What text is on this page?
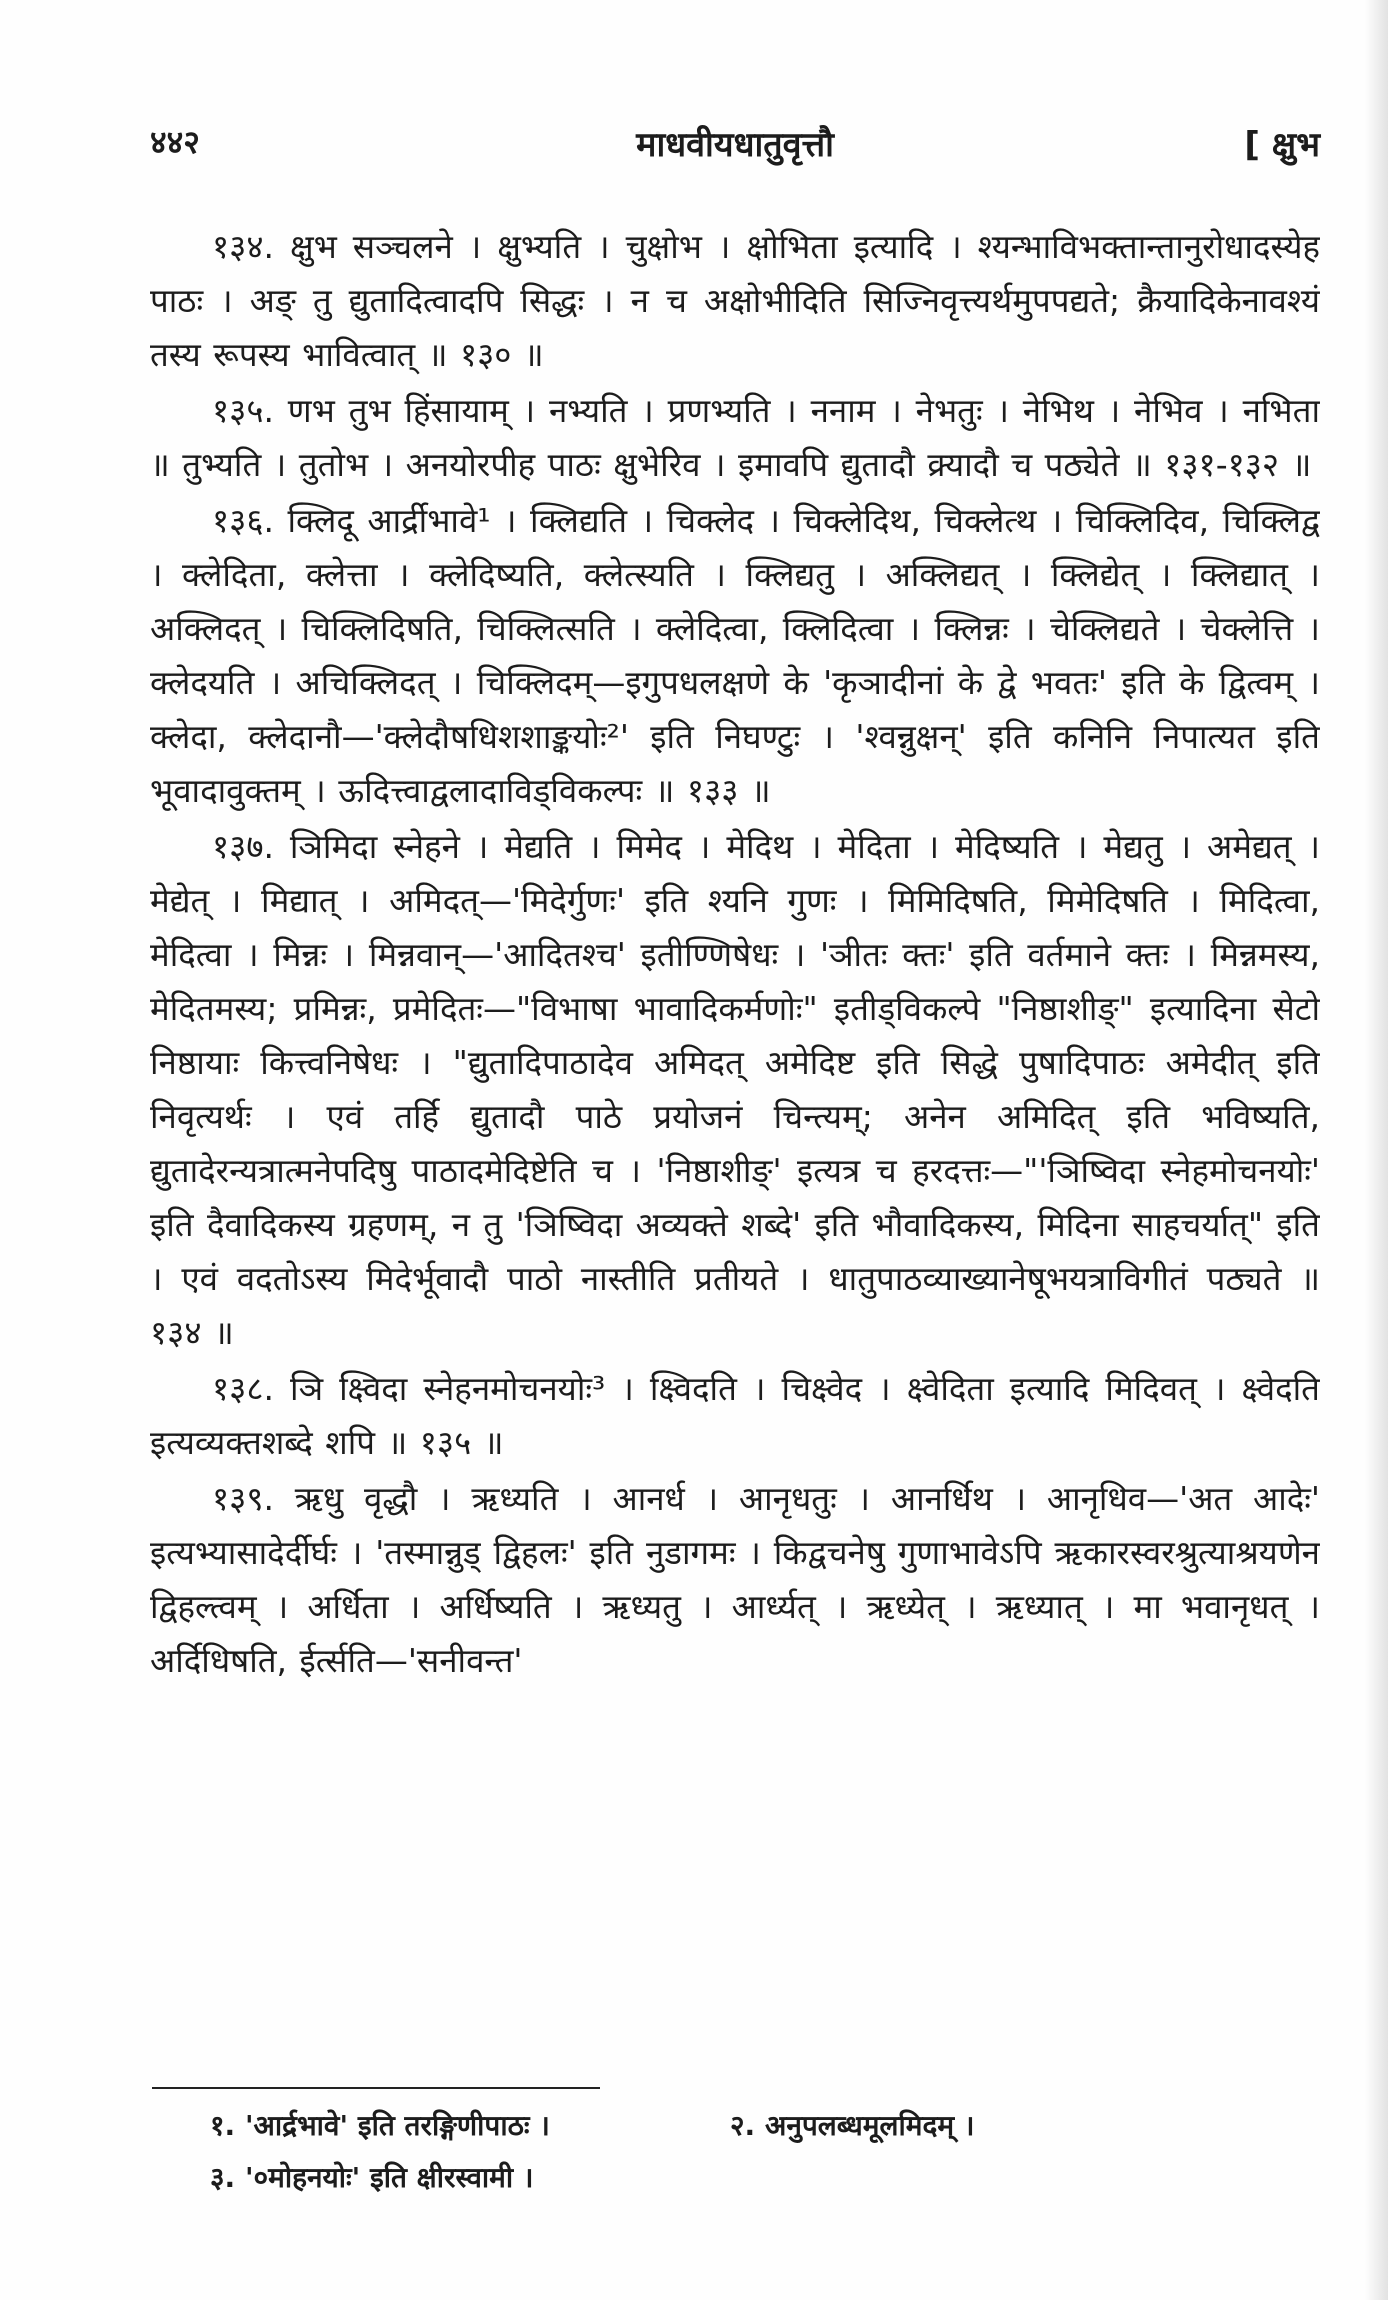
४४२	माधवीयधातुवृत्तौ	[ क्षुभ

१३४. क्षुभ सञ्चलने । क्षुभ्यति । चुक्षोभ । क्षोभिता इत्यादि । श्यन्भाविभक्तान्तानुरोधादस्येह पाठः । अङ् तु द्युतादित्वादपि सिद्धः । न च अक्षोभीदिति सिज्निवृत्त्यर्थमुपपद्यते; क्रैयादिकेनावश्यं तस्य रूपस्य भावित्वात् ॥ १३० ॥

१३५. णभ तुभ हिंसायाम् । नभ्यति । प्रणभ्यति । ननाम । नेभतुः । नेभिथ । नेभिव । नभिता ॥ तुभ्यति । तुतोभ । अनयोरपीह पाठः क्षुभेरिव । इमावपि द्युतादौ क्र्यादौ च पठ्येते ॥ १३१-१३२ ॥

१३६. क्लिदू आर्द्रीभावे¹ । क्लिद्यति । चिक्लेद । चिक्लेदिथ, चिक्लेत्थ । चिक्लिदिव, चिक्लिद्व । क्लेदिता, क्लेत्ता । क्लेदिष्यति, क्लेत्स्यति । क्लिद्यतु । अक्लिद्यत् । क्लिद्येत् । क्लिद्यात् । अक्लिदत् । चिक्लिदिषति, चिक्लित्सति । क्लेदित्वा, क्लिदित्वा । क्लिन्नः । चेक्लिद्यते । चेक्लेत्ति । क्लेदयति । अचिक्लिदत् । चिक्लिदम्—इगुपधलक्षणे के 'कृञादीनां के द्वे भवतः' इति के द्वित्वम् । क्लेदा, क्लेदानौ—'क्लेदौषधिशशाङ्कयोः²' इति निघण्टुः । 'श्वन्नुक्षन्' इति कनिनि निपात्यत इति भूवादावुक्तम् । ऊदित्त्वाद्वलादाविड्विकल्पः ॥ १३३ ॥

१३७. ञिमिदा स्नेहने । मेद्यति । मिमेद । मेदिथ । मेदिता । मेदिष्यति । मेद्यतु । अमेद्यत् । मेद्येत् । मिद्यात् । अमिदत्—'मिदेर्गुणः' इति श्यनि गुणः । मिमिदिषति, मिमेदिषति । मिदित्वा, मेदित्वा । मिन्नः । मिन्नवान्—'आदितश्च' इतीण्णिषेधः । 'ञीतः क्तः' इति वर्तमाने क्तः । मिन्नमस्य, मेदितमस्य; प्रमिन्नः, प्रमेदितः—"विभाषा भावादिकर्मणोः" इतीड्विकल्पे "निष्ठाशीङ्" इत्यादिना सेटो निष्ठायाः कित्त्वनिषेधः । "द्युतादिपाठादेव अमिदत् अमेदिष्ट इति सिद्धे पुषादिपाठः अमेदीत् इति निवृत्यर्थः । एवं तर्हि द्युतादौ पाठे प्रयोजनं चिन्त्यम्; अनेन अमिदित् इति भविष्यति, द्युतादेरन्यत्रात्मनेपदिषु पाठादमेदिष्टेति च । 'निष्ठाशीङ्' इत्यत्र च हरदत्तः—"'ञिष्विदा स्नेहमोचनयोः' इति दैवादिकस्य ग्रहणम्, न तु 'ञिष्विदा अव्यक्ते शब्दे' इति भौवादिकस्य, मिदिना साहचर्यात्" इति । एवं वदतोऽस्य मिदेर्भूवादौ पाठो नास्तीति प्रतीयते । धातुपाठव्याख्यानेषूभयत्राविगीतं पठ्यते ॥ १३४ ॥

१३८. ञि क्ष्विदा स्नेहनमोचनयोः³ । क्ष्विदति । चिक्ष्वेद । क्ष्वेदिता इत्यादि मिदिवत् । क्ष्वेदति इत्यव्यक्तशब्दे शपि ॥ १३५ ॥

१३९. ऋधु वृद्धौ । ऋध्यति । आनर्ध । आनृधतुः । आनर्धिथ । आनृधिव—'अत आदेः' इत्यभ्यासादेर्दीर्घः । 'तस्मान्नुड् द्विहलः' इति नुडागमः । किद्वचनेषु गुणाभावेऽपि ऋकारस्वरश्रुत्याश्रयणेन द्विहल्त्वम् । अर्धिता । अर्धिष्यति । ऋध्यतु । आर्ध्यत् । ऋध्येत् । ऋध्यात् । मा भवानृधत् । अर्दिधिषति, ईर्त्सति—'सनीवन्त'

१. 'आर्द्रभावे' इति तरङ्गिणीपाठः ।	२. अनुपलब्धमूलमिदम् ।
३. '०मोहनयोः' इति क्षीरस्वामी ।
